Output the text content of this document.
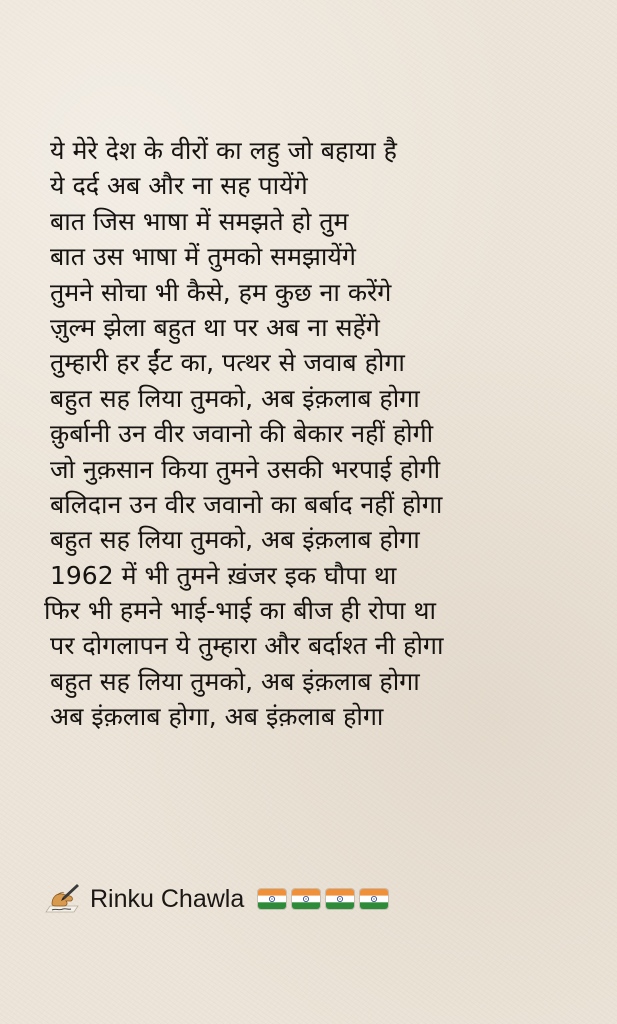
ये मेरे देश के वीरों का लहु जो बहाया है
ये दर्द अब और ना सह पायेंगे
बात जिस भाषा में समझते हो तुम
बात उस भाषा में तुमको समझायेंगे
तुमने सोचा भी कैसे, हम कुछ ना करेंगे
ज़ुल्म झेला बहुत था पर अब ना सहेंगे
तुम्हारी हर ईंट का, पत्थर से जवाब होगा
बहुत सह लिया तुमको, अब इंक़लाब होगा
क़ुर्बानी उन वीर जवानो की बेकार नहीं होगी
जो नुक़सान किया तुमने उसकी भरपाई होगी
बलिदान उन वीर जवानो का बर्बाद नहीं होगा
बहुत सह लिया तुमको, अब इंक़लाब होगा
1962 में भी तुमने ख़ंजर इक घौपा था
फिर भी हमने भाई-भाई का बीज ही रोपा था
पर दोगलापन ये तुम्हारा और बर्दाश्त नी होगा
बहुत सह लिया तुमको, अब इंक़लाब होगा
अब इंक़लाब होगा, अब इंक़लाब होगा
Rinku Chawla
